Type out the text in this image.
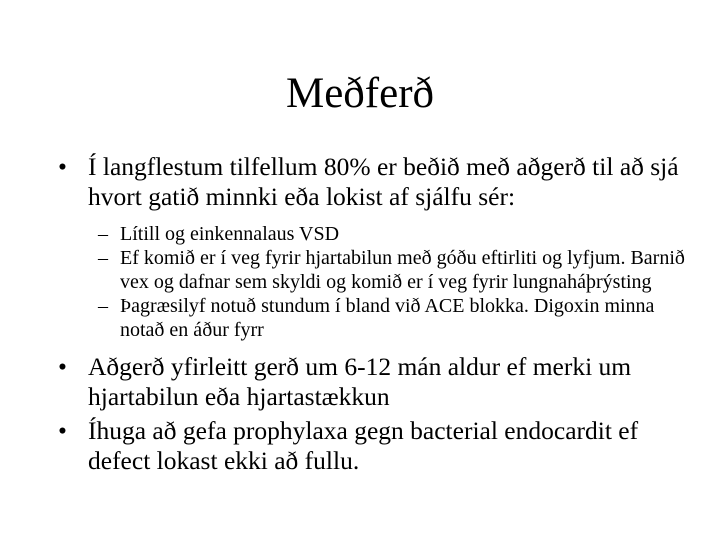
Meðferð
• Í langflestum tilfellum 80% er beðið með aðgerð til að sjá hvort gatið minnki eða lokist af sjálfu sér:
– Lítill og einkennalaus VSD
– Ef komið er í veg fyrir hjartabilun með góðu eftirliti og lyfjum. Barnið vex og dafnar sem skyldi og komið er í veg fyrir lungnaháþrýsting
– Þagræsilyf notuð stundum í bland við ACE blokka. Digoxin minna notað en áður fyrr
• Aðgerð yfirleitt gerð um 6-12 mán aldur ef merki um hjartabilun eða hjartastækkun
• Íhuga að gefa prophylaxa gegn bacterial endocardit ef defect lokast ekki að fullu.
